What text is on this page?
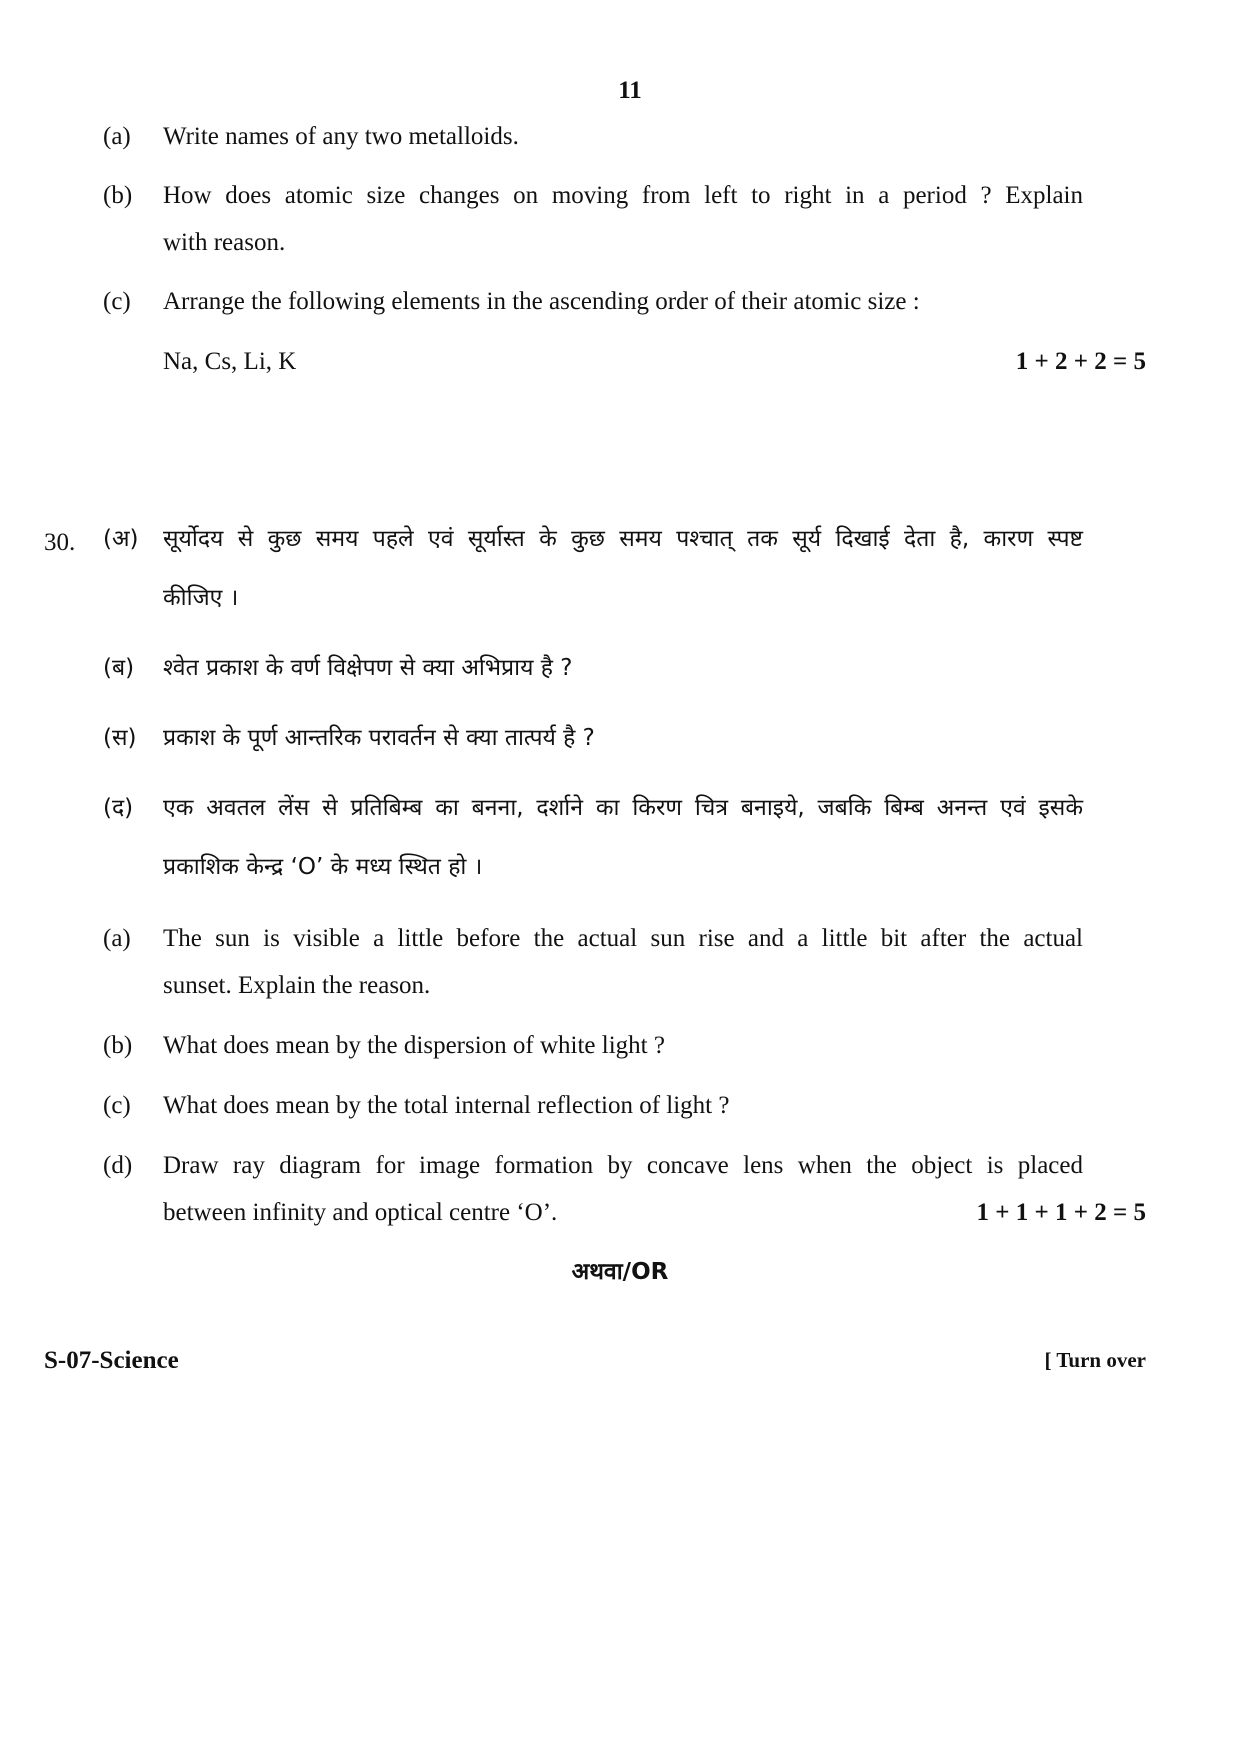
11
(a) Write names of any two metalloids.
(b) How does atomic size changes on moving from left to right in a period ? Explain
with reason.
(c) Arrange the following elements in the ascending order of their atomic size :
Na, Cs, Li, K	1 + 2 + 2 = 5
30. (अ) सूर्योदय से कुछ समय पहले एवं सूर्यास्त के कुछ समय पश्चात् तक सूर्य दिखाई देता है, कारण स्पष्ट
कीजिए ।
(ब) श्वेत प्रकाश के वर्ण विक्षेपण से क्या अभिप्राय है ?
(स) प्रकाश के पूर्ण आन्तरिक परावर्तन से क्या तात्पर्य है ?
(द) एक अवतल लेंस से प्रतिबिम्ब का बनना, दर्शाने का किरण चित्र बनाइये, जबकि बिम्ब अनन्त एवं इसके
प्रकाशिक केन्द्र ‘O’ के मध्य स्थित हो ।
(a) The sun is visible a little before the actual sun rise and a little bit after the actual
sunset. Explain the reason.
(b) What does mean by the dispersion of white light ?
(c) What does mean by the total internal reflection of light ?
(d) Draw ray diagram for image formation by concave lens when the object is placed
between infinity and optical centre ‘O’.	1 + 1 + 1 + 2 = 5
अथवा/OR
S-07-Science	[ Turn over
